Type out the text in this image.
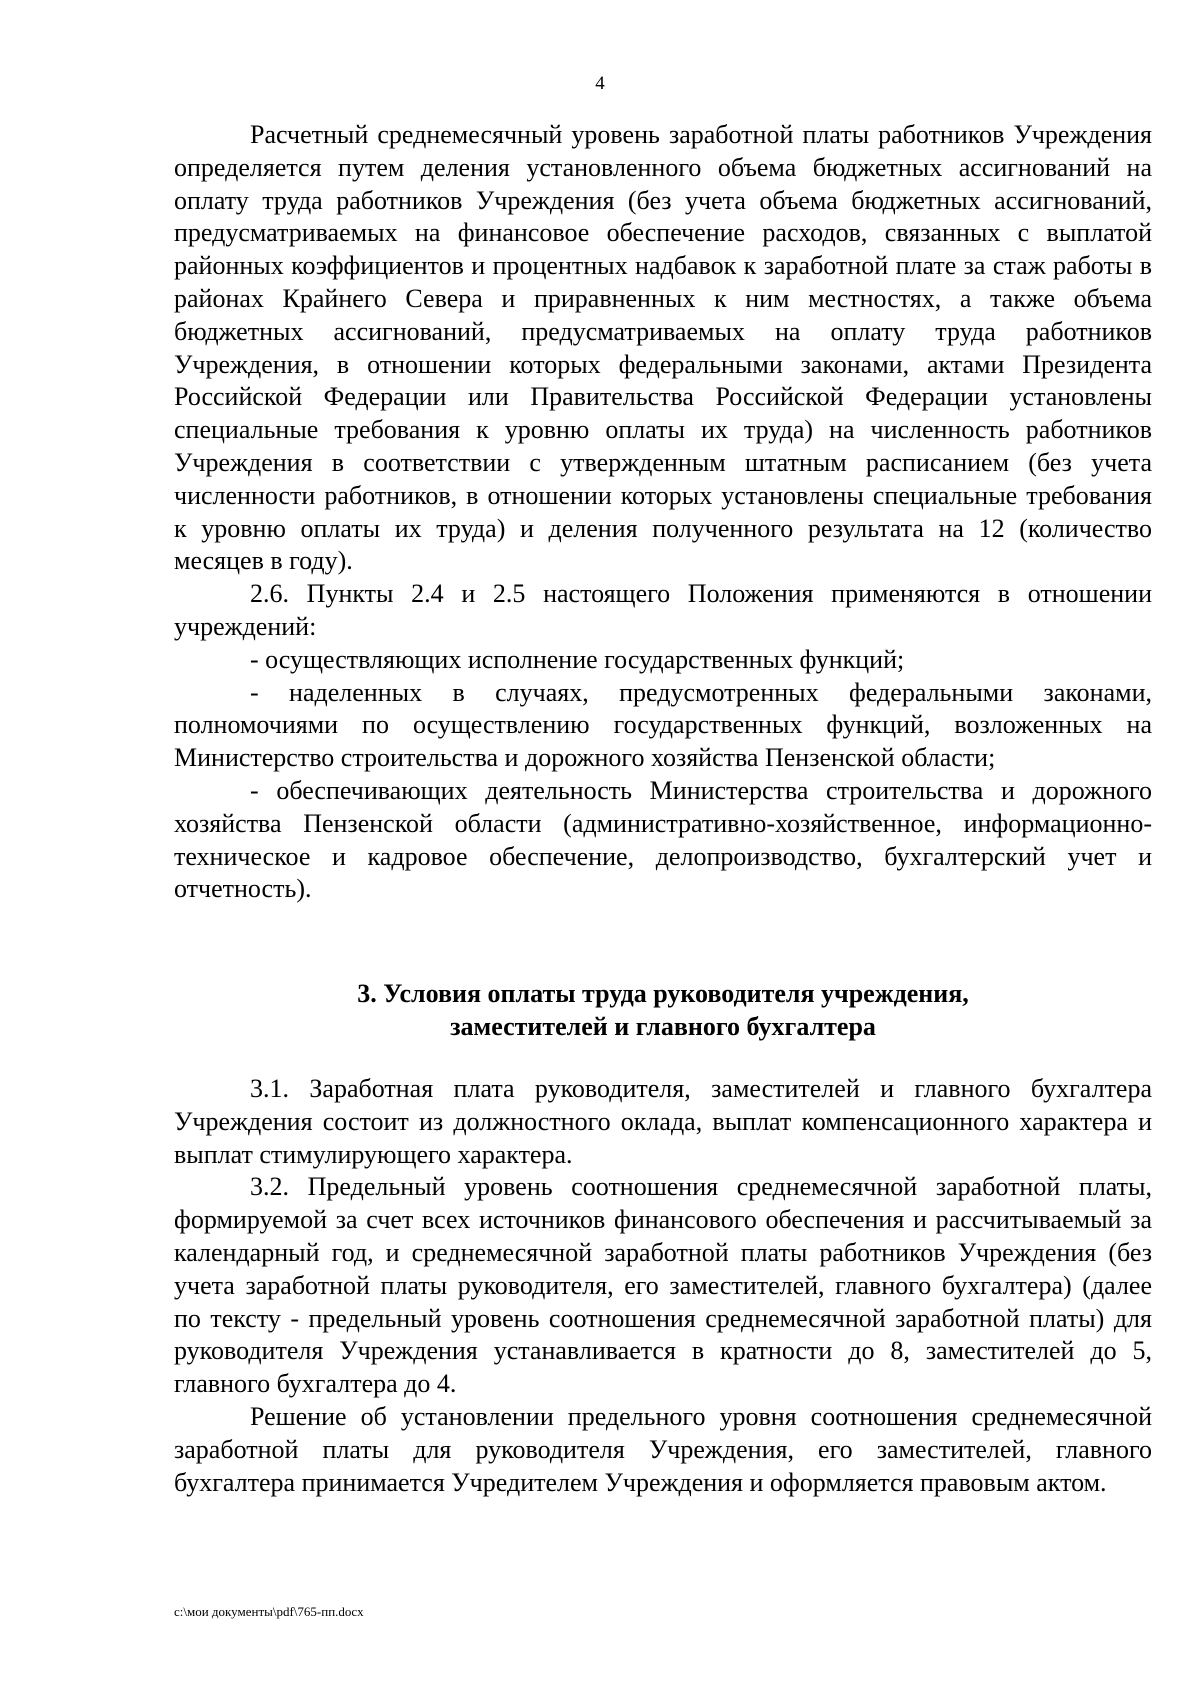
4

Расчетный среднемесячный уровень заработной платы работников Учреждения определяется путем деления установленного объема бюджетных ассигнований на оплату труда работников Учреждения (без учета объема бюджетных ассигнований, предусматриваемых на финансовое обеспечение расходов, связанных с выплатой районных коэффициентов и процентных надбавок к заработной плате за стаж работы в районах Крайнего Севера и приравненных к ним местностях, а также объема бюджетных ассигнований, предусматриваемых на оплату труда работников Учреждения, в отношении которых федеральными законами, актами Президента Российской Федерации или Правительства Российской Федерации установлены специальные требования к уровню оплаты их труда) на численность работников Учреждения в соответствии с утвержденным штатным расписанием (без учета численности работников, в отношении которых установлены специальные требования к уровню оплаты их труда) и деления полученного результата на 12 (количество месяцев в году).

2.6. Пункты 2.4 и 2.5 настоящего Положения применяются в отношении учреждений:

- осуществляющих исполнение государственных функций;

- наделенных в случаях, предусмотренных федеральными законами, полномочиями по осуществлению государственных функций, возложенных на Министерство строительства и дорожного хозяйства Пензенской области;

- обеспечивающих деятельность Министерства строительства и дорожного хозяйства Пензенской области (административно-хозяйственное, информационно-техническое и кадровое обеспечение, делопроизводство, бухгалтерский учет и отчетность).

3. Условия оплаты труда руководителя учреждения,
заместителей и главного бухгалтера

3.1. Заработная плата руководителя, заместителей и главного бухгалтера Учреждения состоит из должностного оклада, выплат компенсационного характера и выплат стимулирующего характера.

3.2. Предельный уровень соотношения среднемесячной заработной платы, формируемой за счет всех источников финансового обеспечения и рассчитываемый за календарный год, и среднемесячной заработной платы работников Учреждения (без учета заработной платы руководителя, его заместителей, главного бухгалтера) (далее по тексту - предельный уровень соотношения среднемесячной заработной платы) для руководителя Учреждения устанавливается в кратности до 8, заместителей до 5, главного бухгалтера до 4.

Решение об установлении предельного уровня соотношения среднемесячной заработной платы для руководителя Учреждения, его заместителей, главного бухгалтера принимается Учредителем Учреждения и оформляется правовым актом.

c:\мои документы\pdf\765-пп.docx
